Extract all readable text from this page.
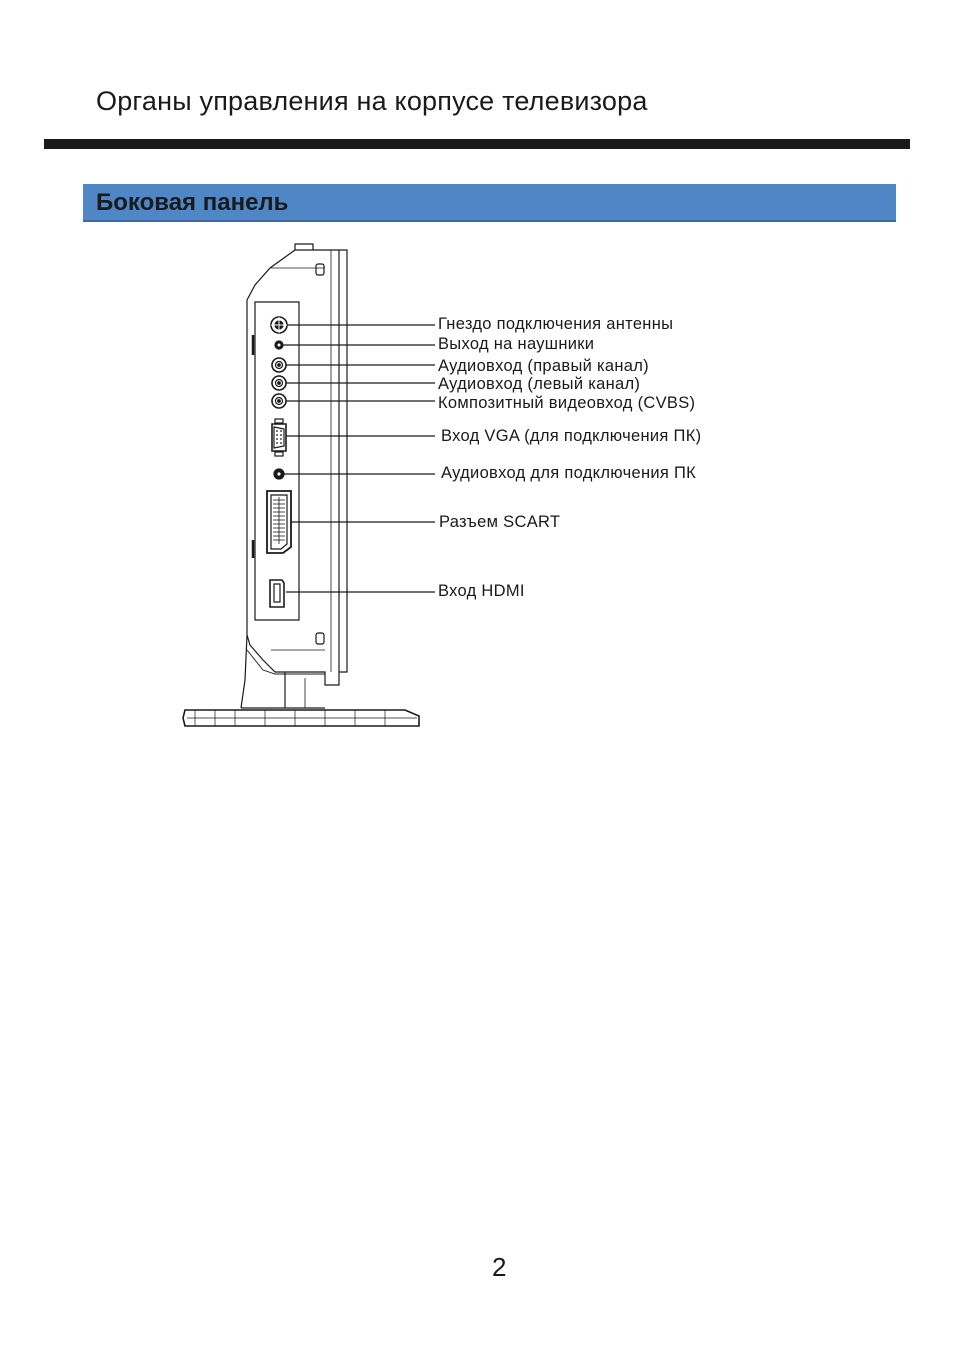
Органы управления на корпусе телевизора
Боковая панель
Гнездо подключения антенны
Выход на наушники
Аудиовход (правый канал)
Аудиовход (левый канал)
Композитный видеовход (CVBS)
Вход VGA (для подключения ПК)
Аудиовход для подключения ПК
Разъем SCART
Вход HDMI
2
